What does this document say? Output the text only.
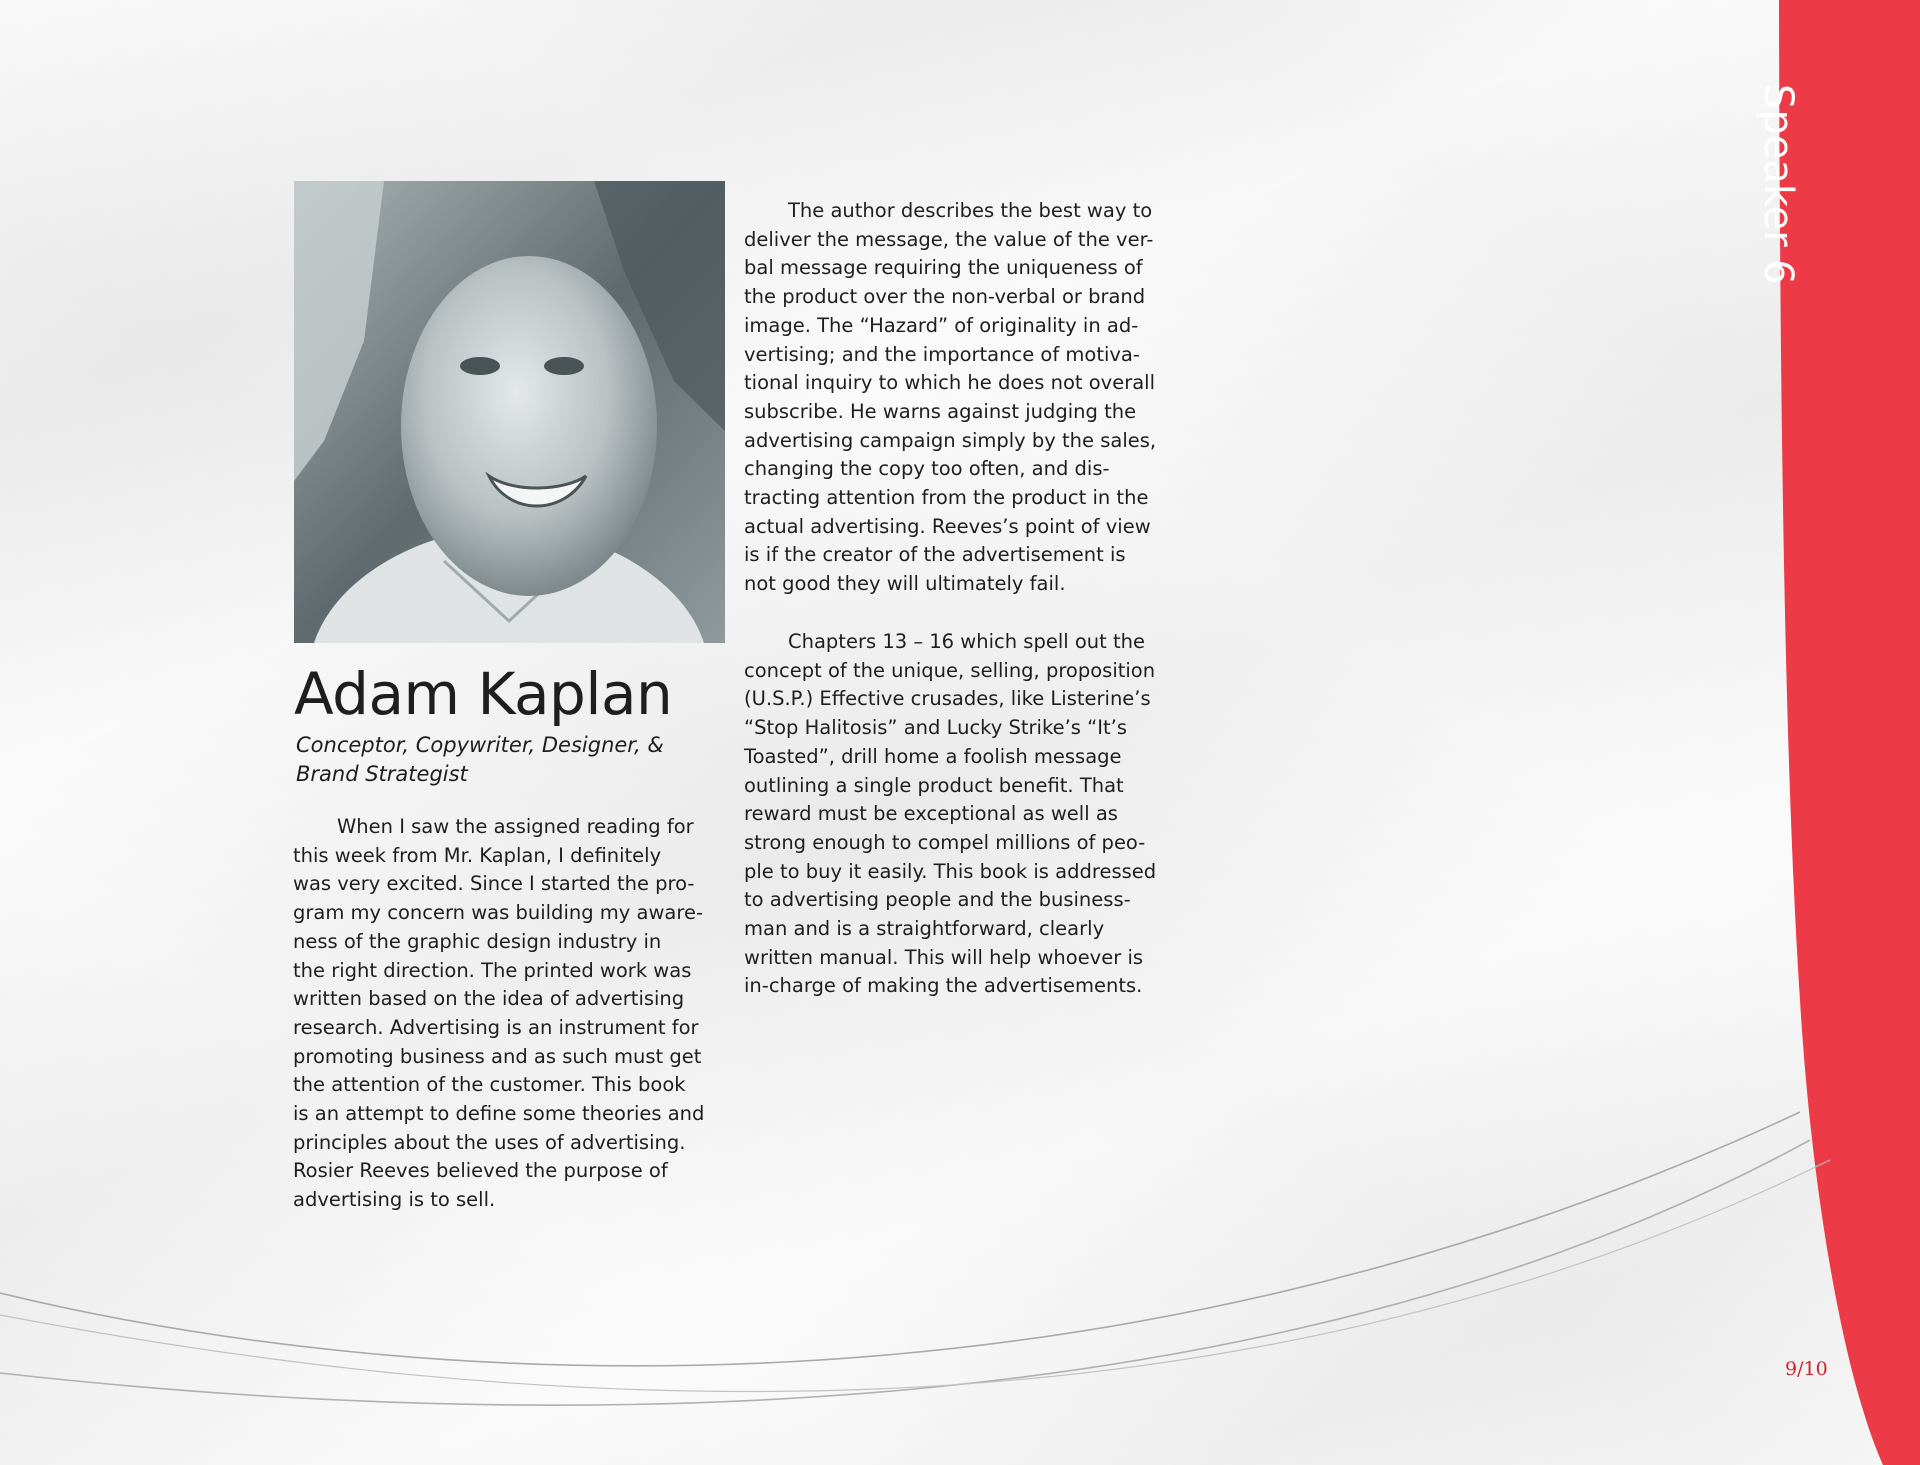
Adam Kaplan

Conceptor, Copywriter, Designer, &
Brand Strategist

When I saw the assigned reading for
this week from Mr. Kaplan, I definitely
was very excited. Since I started the pro-
gram my concern was building my aware-
ness of the graphic design industry in
the right direction. The printed work was
written based on the idea of advertising
research. Advertising is an instrument for
promoting business and as such must get
the attention of the customer. This book
is an attempt to define some theories and
principles about the uses of advertising.
Rosier Reeves believed the purpose of
advertising is to sell.
The author describes the best way to
deliver the message, the value of the ver-
bal message requiring the uniqueness of
the product over the non-verbal or brand
image. The “Hazard” of originality in ad-
vertising; and the importance of motiva-
tional inquiry to which he does not overall
subscribe. He warns against judging the
advertising campaign simply by the sales,
changing the copy too often, and dis-
tracting attention from the product in the
actual advertising. Reeves’s point of view
is if the creator of the advertisement is
not good they will ultimately fail.
Chapters 13 – 16 which spell out the
concept of the unique, selling, proposition
(U.S.P.) Effective crusades, like Listerine’s
“Stop Halitosis” and Lucky Strike’s “It’s
Toasted”, drill home a foolish message
outlining a single product benefit. That
reward must be exceptional as well as
strong enough to compel millions of peo-
ple to buy it easily. This book is addressed
to advertising people and the business-
man and is a straightforward, clearly
written manual. This will help whoever is
in-charge of making the advertisements.
Speaker 6
9/10
